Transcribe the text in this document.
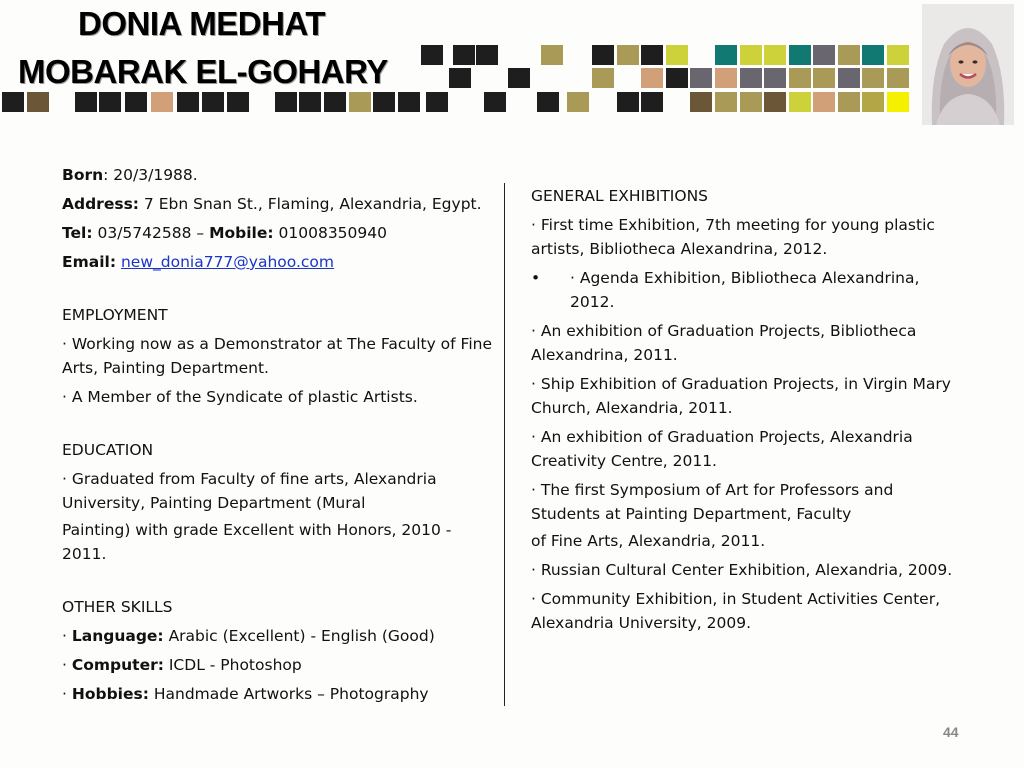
DONIA MEDHAT
MOBARAK EL-GOHARY

Born: 20/3/1988.

Address: 7 Ebn Snan St., Flaming, Alexandria, Egypt.

Tel: 03/5742588 – Mobile: 01008350940

Email: new_donia777@yahoo.com

EMPLOYMENT

· Working now as a Demonstrator at The Faculty of Fine Arts, Painting Department.

· A Member of the Syndicate of plastic Artists.

EDUCATION

· Graduated from Faculty of fine arts, Alexandria University, Painting Department (Mural

Painting) with grade Excellent with Honors, 2010 - 2011.

OTHER SKILLS

· Language: Arabic (Excellent) - English (Good)

· Computer: ICDL - Photoshop

· Hobbies: Handmade Artworks – Photography

GENERAL EXHIBITIONS

· First time Exhibition, 7th meeting for young plastic artists, Bibliotheca Alexandrina, 2012.

• · Agenda Exhibition, Bibliotheca Alexandrina, 2012.

· An exhibition of Graduation Projects, Bibliotheca Alexandrina, 2011.

· Ship Exhibition of Graduation Projects, in Virgin Mary Church, Alexandria, 2011.

· An exhibition of Graduation Projects, Alexandria Creativity Centre, 2011.

· The first Symposium of Art for Professors and Students at Painting Department, Faculty

of Fine Arts, Alexandria, 2011.

· Russian Cultural Center Exhibition, Alexandria, 2009.

· Community Exhibition, in Student Activities Center, Alexandria University, 2009.

44
